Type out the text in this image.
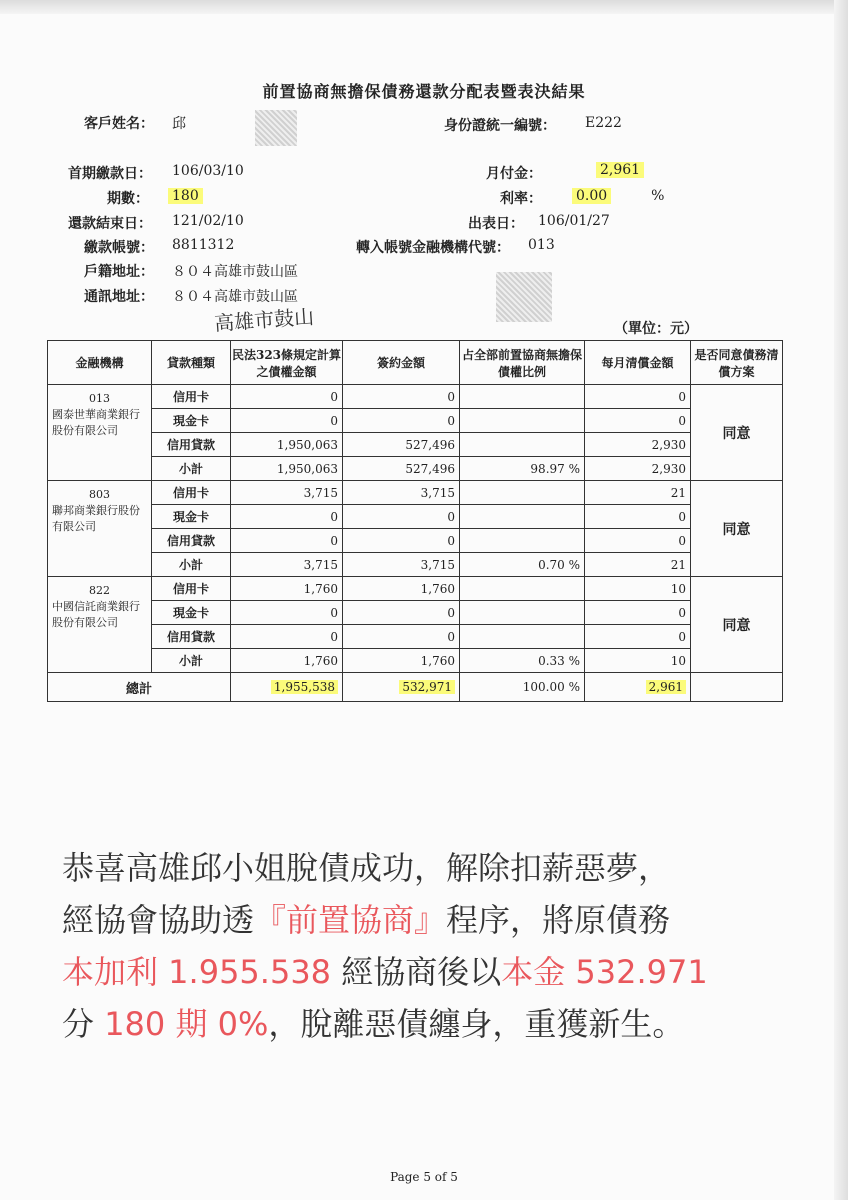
前置協商無擔保債務還款分配表暨表決結果
客戶姓名： 邱	身份證統一編號： E222
首期繳款日： 106/03/10	月付金：	2,961
期數： 180	利率： 0.00	%
還款結束日： 121/02/10	出表日： 106/01/27
繳款帳號： 8811312	轉入帳號金融機構代號： 013
戶籍地址： ８０４高雄市鼓山區
通訊地址： ８０４高雄市鼓山區
高雄市鼓山	（單位：元）
金融機構	貸款種類	民法323條規定計算之債權金額	簽約金額	占全部前置協商無擔保債權比例	每月清償金額	是否同意債務清償方案

013
國泰世華商業銀行股份有限公司	信用卡	0	0		0	同意
	現金卡	0	0		0	
	信用貸款	1,950,063	527,496		2,930	
	小計	1,950,063	527,496	98.97 %	2,930	

803
聯邦商業銀行股份有限公司	信用卡	3,715	3,715		21	同意
	現金卡	0	0		0	
	信用貸款	0	0		0	
	小計	3,715	3,715	0.70 %	21	

822
中國信託商業銀行股份有限公司	信用卡	1,760	1,760		10	同意
	現金卡	0	0		0	
	信用貸款	0	0		0	
	小計	1,760	1,760	0.33 %	10	
總計		1,955,538	532,971	100.00 %	2,961	
恭喜高雄邱小姐脫債成功，解除扣薪惡夢，
經協會協助透『前置協商』程序，將原債務
本加利 1.955.538 經協商後以本金 532.971
分 180 期 0%，脫離惡債纏身，重獲新生。
Page 5 of 5
